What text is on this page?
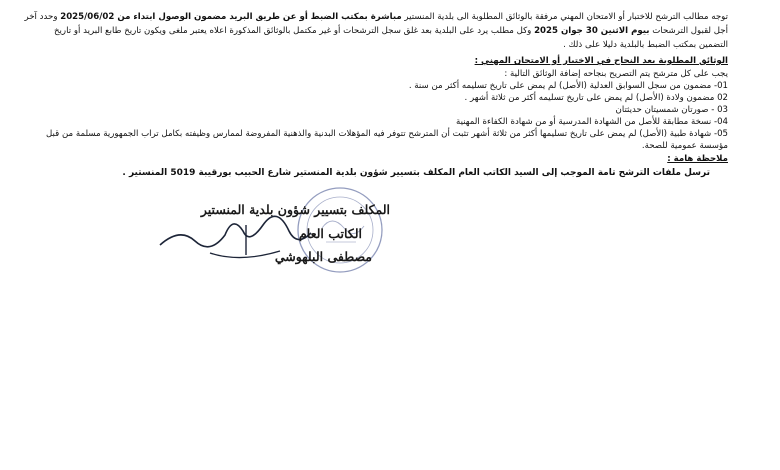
توجه مطالب الترشح للاختبار أو الامتحان المهني مرفقة بالوثائق المطلوبة الى بلدية المنستير مباشرة بمكتب الضبط أو عن طريق البريد مضمون الوصول ابتداء من 2025/06/02 وحدد آخر
أجل لقبول الترشحات بيوم الاثنين 30 جوان 2025 وكل مطلب يرد على البلدية بعد غلق سجل الترشحات أو غير مكتمل بالوثائق المذكورة اعلاه يعتبر ملغى ويكون تاريخ طابع البريد أو تاريخ
التضمين بمكتب الضبط بالبلدية دليلا على ذلك .
الوثائق المطلوبة بعد النجاح في الاختبار أو الامتحان المهني :
يجب على كل مترشح يتم التصريح بنجاحه إضافة الوثائق التالية :
01- مضمون من سجل السوابق العدلية (الأصل) لم يمض على تاريخ تسليمه أكثر من سنة .
02 مضمون ولادة (الأصل) لم يمض على تاريخ تسليمه أكثر من ثلاثة أشهر .
03 - صورتان شمسيتان حديثتان
04- نسخة مطابقة للأصل من الشهادة المدرسية أو من شهادة الكفاءة المهنية
05- شهادة طبية (الأصل) لم يمض على تاريخ تسليمها أكثر من ثلاثة أشهر تثبت أن المترشح تتوفر فيه المؤهلات البدنية والذهنية المفروضة لممارس وظيفته بكامل تراب الجمهورية مسلمة من قبل
مؤسسة عمومية للصحة.
ملاحظة هامة :
ترسل ملفات الترشح تامة الموجب إلى السيد الكاتب العام المكلف بتسيير شؤون بلدية المنستير شارع الحبيب بورقيبة 5019 المنستير .
المكلف بتسيير شؤون بلدية المنستير
الكاتب العام
مصطفى البلهوشي
